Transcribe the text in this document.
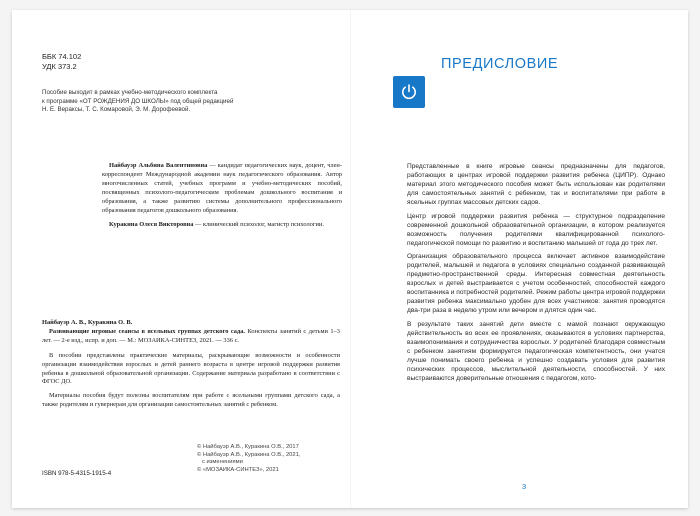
ББК 74.102
УДК 373.2
Пособие выходит в рамках учебно-методического комплекта
к программе «ОТ РОЖДЕНИЯ ДО ШКОЛЫ» под общей редакцией
Н. Е. Вераксы, Т. С. Комаровой, Э. М. Дорофеевой.

Найбауэр Альбина Валентиновна — кандидат педагогических наук, доцент, член-корреспондент Международной академии наук педагогического образования. Автор многочисленных статей, учебных программ и учебно-методических пособий, посвященных психолого-педагогическим проблемам дошкольного воспитания и образования, а также развитию системы дополнительного профессионального образования педагогов дошкольного образования.

Куракина Олеся Викторовна — клинический психолог, магистр психологии.

Найбауэр А. В., Куракина О. В.

Развивающие игровые сеансы в ясельных группах детского сада. Конспекты занятий с детьми 1–3 лет. — 2-е изд., испр. и доп. — М.: МОЗАИКА-СИНТЕЗ, 2021. — 336 с.

В пособии представлены практические материалы, раскрывающие возможности и особенности организации взаимодействия взрослых и детей раннего возраста в центре игровой поддержки развития ребенка в дошкольной образовательной организации. Содержание материала разработано в соответствии с ФГОС ДО.

Материалы пособия будут полезны воспитателям при работе с ясельными группами детского сада, а также родителям и гувернерам для организации самостоятельных занятий с ребенком.

© Найбауэр А.В., Куракина О.В., 2017
© Найбауэр А.В., Куракина О.В., 2021,
с изменениями
© «МОЗАИКА-СИНТЕЗ», 2021
ISBN 978-5-4315-1915-4
ПРЕДИСЛОВИЕ

Представленные в книге игровые сеансы предназначены для педагогов, работающих в центрах игровой поддержки развития ребенка (ЦИПР). Однако материал этого методического пособия может быть использован как родителями для самостоятельных занятий с ребенком, так и воспитателями при работе в ясельных группах массовых детских садов.

Центр игровой поддержки развития ребенка — структурное подразделение современной дошкольной образовательной организации, в котором реализуется возможность получения родителями квалифицированной психолого-педагогической помощи по развитию и воспитанию малышей от года до трех лет.

Организация образовательного процесса включает активное взаимодействие родителей, малышей и педагога в условиях специально созданной развивающей предметно-пространственной среды. Интересная совместная деятельность взрослых и детей выстраивается с учетом особенностей, способностей каждого воспитанника и потребностей родителей. Режим работы центра игровой поддержки развития ребенка максимально удобен для всех участников: занятия проводятся два-три раза в неделю утром или вечером и длятся один час.

В результате таких занятий дети вместе с мамой познают окружающую действительность во всех ее проявлениях, оказываются в условиях партнерства, взаимопонимания и сотрудничества взрослых. У родителей благодаря совместным с ребенком занятиям формируется педагогическая компетентность, они учатся лучше понимать своего ребенка и успешно создавать условия для развития психических процессов, мыслительной деятельности, способностей. У них выстраиваются доверительные отношения с педагогом, кото-

3
